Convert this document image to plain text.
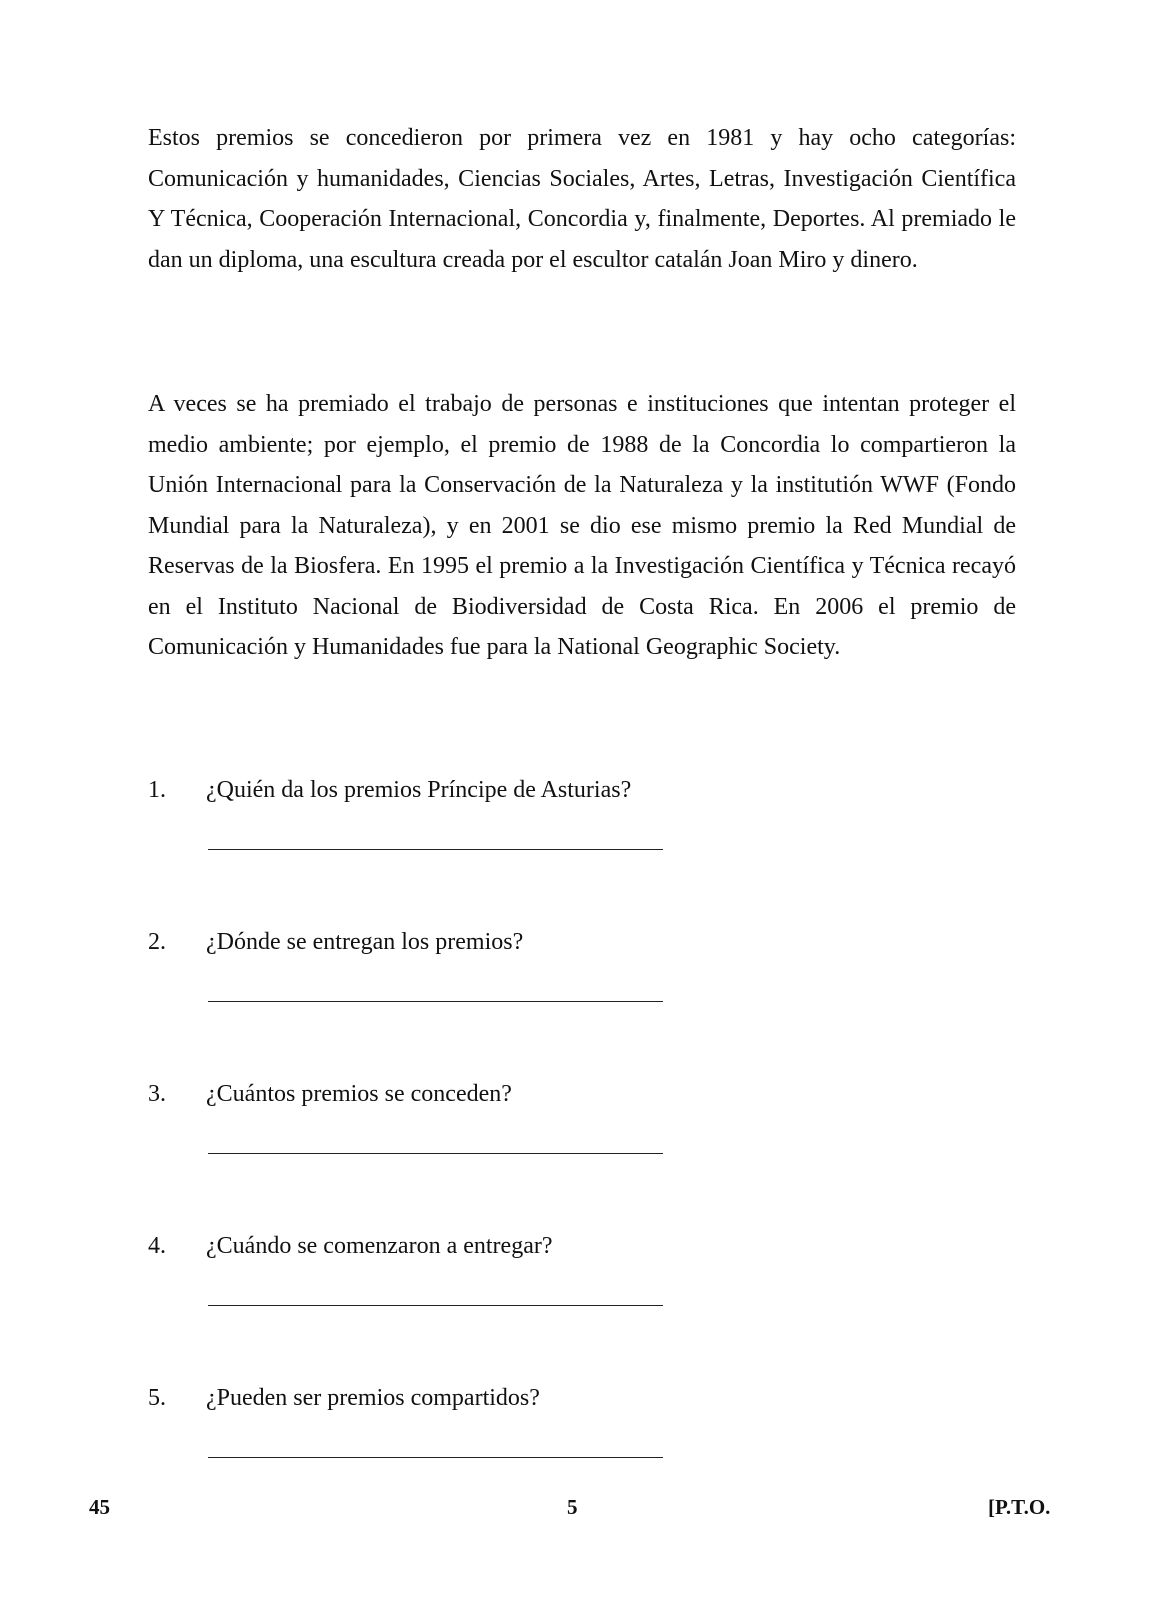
Estos premios se concedieron por primera vez en 1981 y hay ocho categorías: Comunicación y humanidades, Ciencias Sociales, Artes, Letras, Investigación Científica Y Técnica, Cooperación Internacional, Concordia y, finalmente, Deportes. Al premiado le dan un diploma, una escultura creada por el escultor catalán Joan Miro y dinero.

A veces se ha premiado el trabajo de personas e instituciones que intentan proteger el medio ambiente; por ejemplo, el premio de 1988 de la Concordia lo compartieron la Unión Internacional para la Conservación de la Naturaleza y la institutión WWF (Fondo Mundial para la Naturaleza), y en 2001 se dio ese mismo premio la Red Mundial de Reservas de la Biosfera. En 1995 el premio a la Investigación Científica y Técnica recayó en el Instituto Nacional de Biodiversidad de Costa Rica. En 2006 el premio de Comunicación y Humanidades fue para la National Geographic Society.

1. ¿Quién da los premios Príncipe de Asturias?
2. ¿Dónde se entregan los premios?
3. ¿Cuántos premios se conceden?
4. ¿Cuándo se comenzaron a entregar?
5. ¿Pueden ser premios compartidos?
45	5	[P.T.O.
